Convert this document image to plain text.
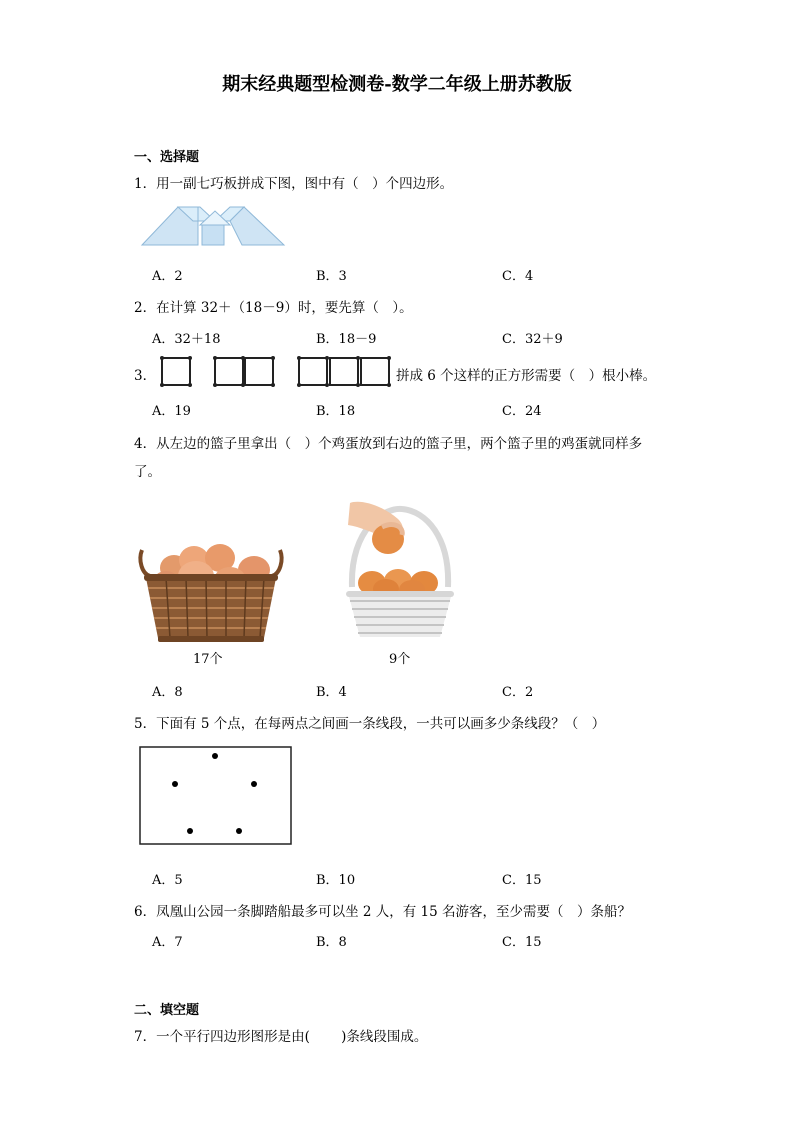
期末经典题型检测卷-数学二年级上册苏教版
一、选择题
1．用一副七巧板拼成下图，图中有（　）个四边形。
A．2	B．3	C．4
2．在计算 32＋（18－9）时，要先算（　）。
A．32＋18	B．18－9	C．32＋9
3．	拼成 6 个这样的正方形需要（　）根小棒。
A．19	B．18	C．24
4．从左边的篮子里拿出（　）个鸡蛋放到右边的篮子里，两个篮子里的鸡蛋就同样多
了。
17个	9个
A．8	B．4	C．2
5．下面有 5 个点，在每两点之间画一条线段，一共可以画多少条线段？（　）
A．5	B．10	C．15
6．凤凰山公园一条脚踏船最多可以坐 2 人，有 15 名游客，至少需要（　）条船？
A．7	B．8	C．15
二、填空题
7．一个平行四边形图形是由(　　 )条线段围成。
